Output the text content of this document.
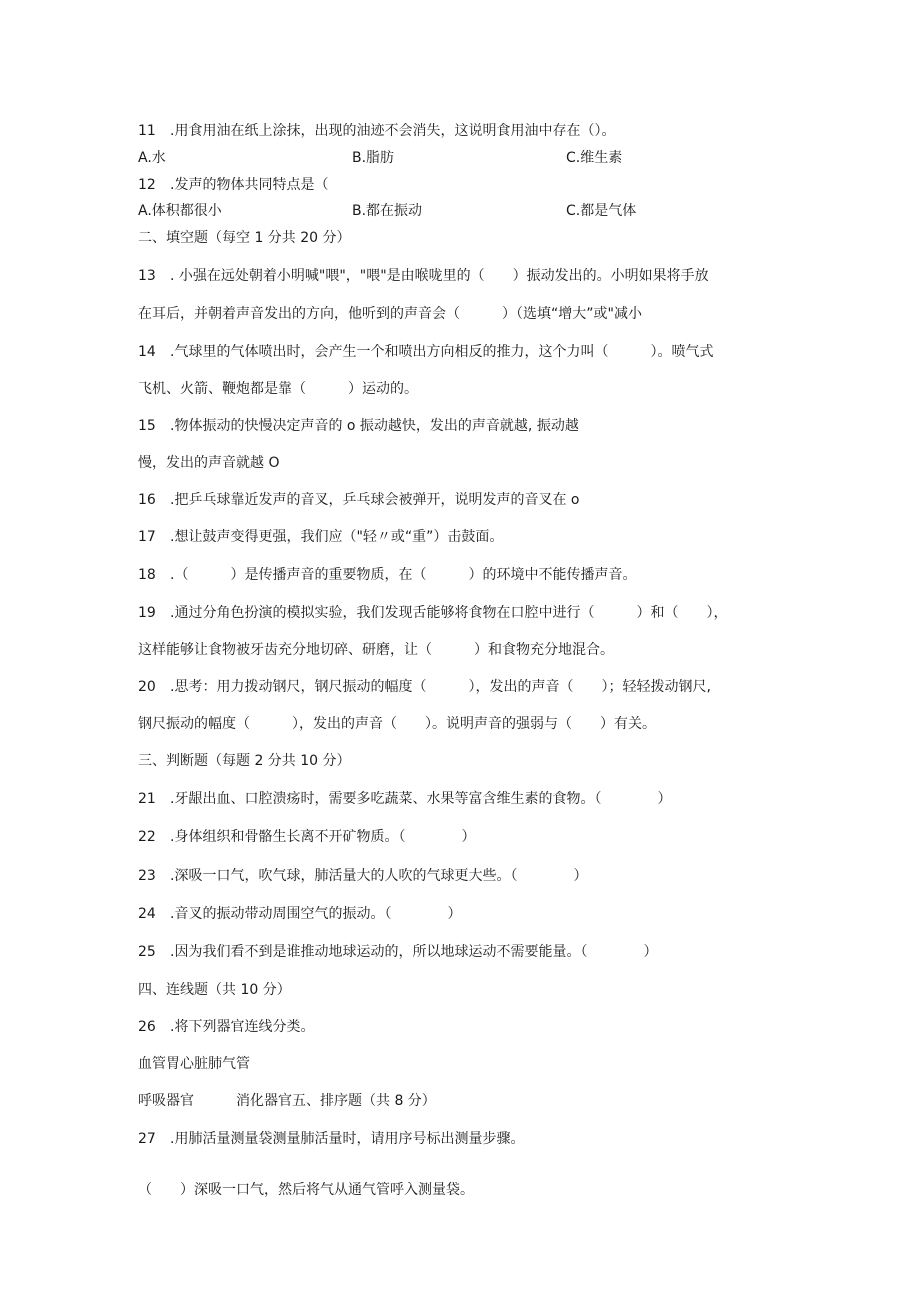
11 .用食用油在纸上涂抹，出现的油迹不会消失，这说明食用油中存在（）。
A.水	B.脂肪	C.维生素
12 .发声的物体共同特点是（
A.体积都很小	B.都在振动	C.都是气体
二、填空题（每空 1 分共 20 分）
13 . 小强在远处朝着小明喊"喂"，"喂"是由喉咙里的（　　）振动发出的。小明如果将手放
在耳后，并朝着声音发出的方向，他听到的声音会（　　　）（选填“增大”或"减小
14 .气球里的气体喷出时，会产生一个和喷出方向相反的推力，这个力叫（　　　）。喷气式
飞机、火箭、鞭炮都是靠（　　　）运动的。
15 .物体振动的快慢决定声音的 o 振动越快，发出的声音就越, 振动越
慢，发出的声音就越 O
16 .把乒乓球靠近发声的音叉，乒乓球会被弹开，说明发声的音叉在 o
17 .想让鼓声变得更强，我们应（"轻〃或“重”）击鼓面。
18 .（　　　）是传播声音的重要物质，在（　　　）的环境中不能传播声音。
19 .通过分角色扮演的模拟实验，我们发现舌能够将食物在口腔中进行（　　　）和（　　），
这样能够让食物被牙齿充分地切碎、研磨，让（　　　）和食物充分地混合。
20 .思考：用力拨动钢尺，钢尺振动的幅度（　　　），发出的声音（　　）；轻轻拨动钢尺,
钢尺振动的幅度（　　　），发出的声音（　　）。说明声音的强弱与（　　）有关。
三、判断题（每题 2 分共 10 分）
21 .牙龈出血、口腔溃疡时，需要多吃蔬菜、水果等富含维生素的食物。（　　　　）
22 .身体组织和骨骼生长离不开矿物质。（　　　　）
23 .深吸一口气，吹气球，肺活量大的人吹的气球更大些。（　　　　）
24 .音叉的振动带动周围空气的振动。（　　　　）
25 .因为我们看不到是谁推动地球运动的，所以地球运动不需要能量。（　　　　）
四、连线题（共 10 分）
26 .将下列器官连线分类。
血管胃心脏肺气管
呼吸器官　　　消化器官五、排序题（共 8 分）
27 .用肺活量测量袋测量肺活量时，请用序号标出测量步骤。
（　　）深吸一口气，然后将气从通气管呼入测量袋。
